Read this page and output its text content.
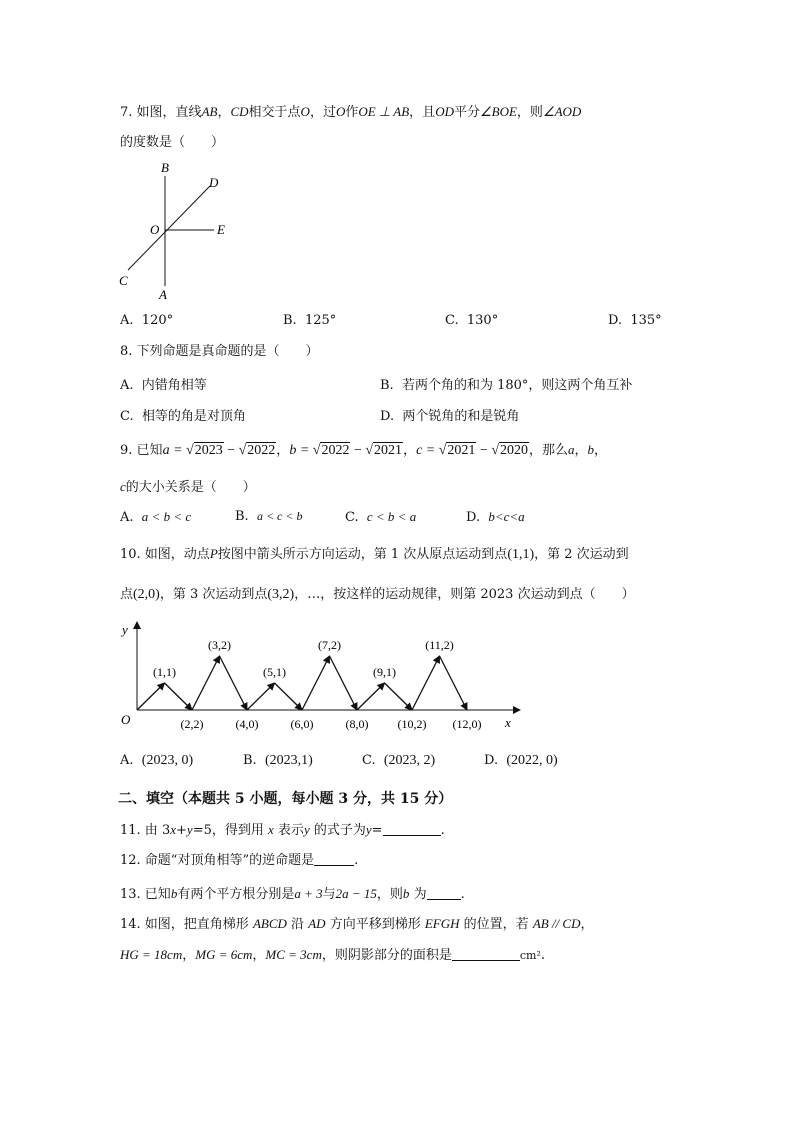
7. 如图，直线AB，CD相交于点O，过O作OE ⊥ AB，且OD平分∠BOE，则∠AOD
的度数是（　　）
B
D
O	E
C
A
A. 120°	B. 125°	C. 130°	D. 135°
8. 下列命题是真命题的是（　　）
A. 内错角相等	B. 若两个角的和为 180°，则这两个角互补
C. 相等的角是对顶角	D. 两个锐角的和是锐角
9. 已知a = √2023 − √2022，b = √2022 − √2021，c = √2021 − √2020，那么a，b，
c的大小关系是（　　）
A. a < b < c	B. a < c < b	C. c < b < a	D. b<c<a
10. 如图，动点P按图中箭头所示方向运动，第 1 次从原点运动到点(1,1)，第 2 次运动到
点(2,0)，第 3 次运动到点(3,2)，…，按这样的运动规律，则第 2023 次运动到点（　　）
y
x
O
(1,1)
(2,2)
(3,2)
(4,0)
(5,1)
(6,0)
(7,2)
(8,0)
(9,1)
(10,2)
(11,2)
(12,0)
A. (2023, 0)	B. (2023,1)	C. (2023, 2)	D. (2022, 0)
二、填空（本题共 5 小题，每小题 3 分，共 15 分）
11. 由 3x+y=5，得到用 x 表示y 的式子为y=	.
12. 命题“对顶角相等”的逆命题是	.
13. 已知b有两个平方根分别是a + 3与2a − 15，则b 为	.
14. 如图，把直角梯形 ABCD 沿 AD 方向平移到梯形 EFGH 的位置，若 AB // CD，
HG = 18cm，MG = 6cm，MC = 3cm，则阴影部分的面积是	cm².
